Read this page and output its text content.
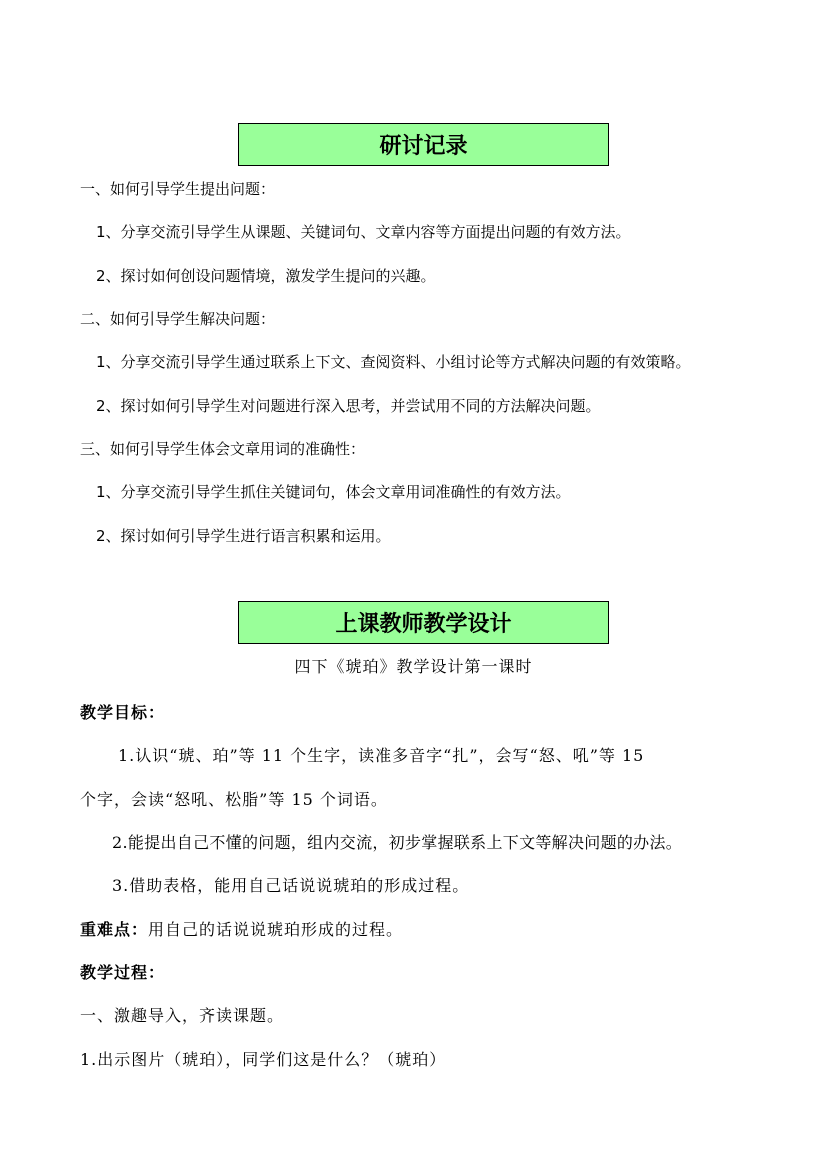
研讨记录
一、如何引导学生提出问题：
1、分享交流引导学生从课题、关键词句、文章内容等方面提出问题的有效方法。
2、探讨如何创设问题情境，激发学生提问的兴趣。
二、如何引导学生解决问题：
1、分享交流引导学生通过联系上下文、查阅资料、小组讨论等方式解决问题的有效策略。
2、探讨如何引导学生对问题进行深入思考，并尝试用不同的方法解决问题。
三、如何引导学生体会文章用词的准确性：
1、分享交流引导学生抓住关键词句，体会文章用词准确性的有效方法。
2、探讨如何引导学生进行语言积累和运用。
上课教师教学设计
四下《琥珀》教学设计第一课时
教学目标：
1.认识“琥、珀”等 11 个生字，读准多音字“扎”，会写“怒、吼”等 15
个字，会读“怒吼、松脂”等 15 个词语。
2.能提出自己不懂的问题，组内交流，初步掌握联系上下文等解决问题的办法。
3.借助表格，能用自己话说说琥珀的形成过程。
重难点：用自己的话说说琥珀形成的过程。
教学过程：
一、激趣导入，齐读课题。
1.出示图片（琥珀），同学们这是什么？（琥珀）
